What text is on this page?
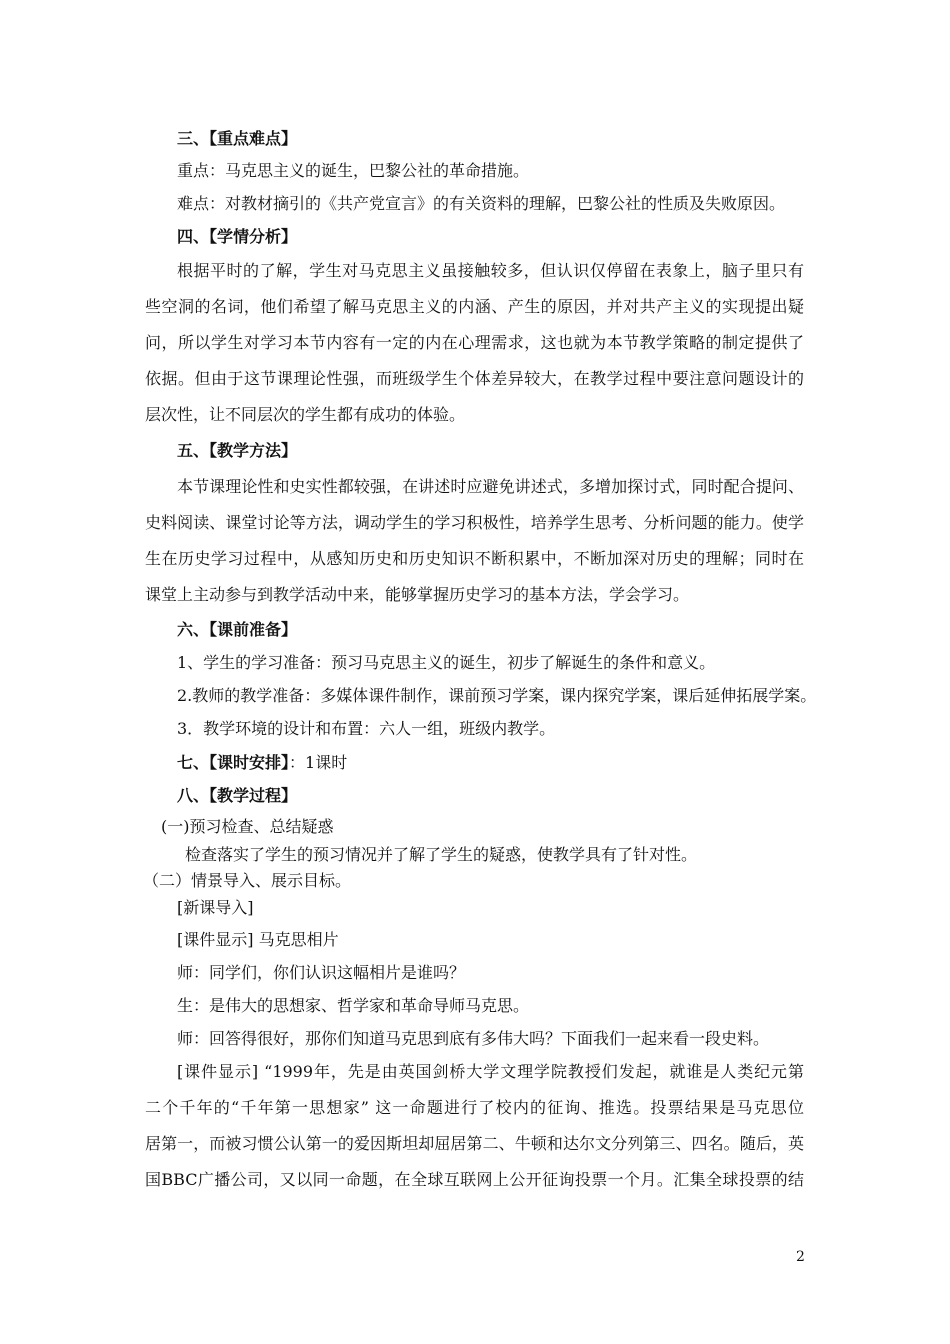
三、【重点难点】
重点：马克思主义的诞生，巴黎公社的革命措施。
难点：对教材摘引的《共产党宣言》的有关资料的理解，巴黎公社的性质及失败原因。
四、【学情分析】
根据平时的了解，学生对马克思主义虽接触较多，但认识仅停留在表象上，脑子里只有
些空洞的名词，他们希望了解马克思主义的内涵、产生的原因，并对共产主义的实现提出疑
问，所以学生对学习本节内容有一定的内在心理需求，这也就为本节教学策略的制定提供了
依据。但由于这节课理论性强，而班级学生个体差异较大，在教学过程中要注意问题设计的
层次性，让不同层次的学生都有成功的体验。
五、【教学方法】
本节课理论性和史实性都较强，在讲述时应避免讲述式，多增加探讨式，同时配合提问、
史料阅读、课堂讨论等方法，调动学生的学习积极性，培养学生思考、分析问题的能力。使学
生在历史学习过程中，从感知历史和历史知识不断积累中，不断加深对历史的理解；同时在
课堂上主动参与到教学活动中来，能够掌握历史学习的基本方法，学会学习。
六、【课前准备】
1、学生的学习准备：预习马克思主义的诞生，初步了解诞生的条件和意义。
2.教师的教学准备：多媒体课件制作，课前预习学案，课内探究学案，课后延伸拓展学案。
3．教学环境的设计和布置：六人一组，班级内教学。
七、【课时安排】：1课时
八、【教学过程】
(一)预习检查、总结疑惑
检查落实了学生的预习情况并了解了学生的疑惑，使教学具有了针对性。
（二）情景导入、展示目标。
[新课导入]
[课件显示] 马克思相片
师：同学们，你们认识这幅相片是谁吗？
生：是伟大的思想家、哲学家和革命导师马克思。
师：回答得很好，那你们知道马克思到底有多伟大吗？下面我们一起来看一段史料。
[课件显示] “1999年，先是由英国剑桥大学文理学院教授们发起，就谁是人类纪元第
二个千年的“千年第一思想家” 这一命题进行了校内的征询、推选。投票结果是马克思位
居第一，而被习惯公认第一的爱因斯坦却屈居第二、牛顿和达尔文分列第三、四名。随后，英
国BBC广播公司，又以同一命题，在全球互联网上公开征询投票一个月。汇集全球投票的结
2
